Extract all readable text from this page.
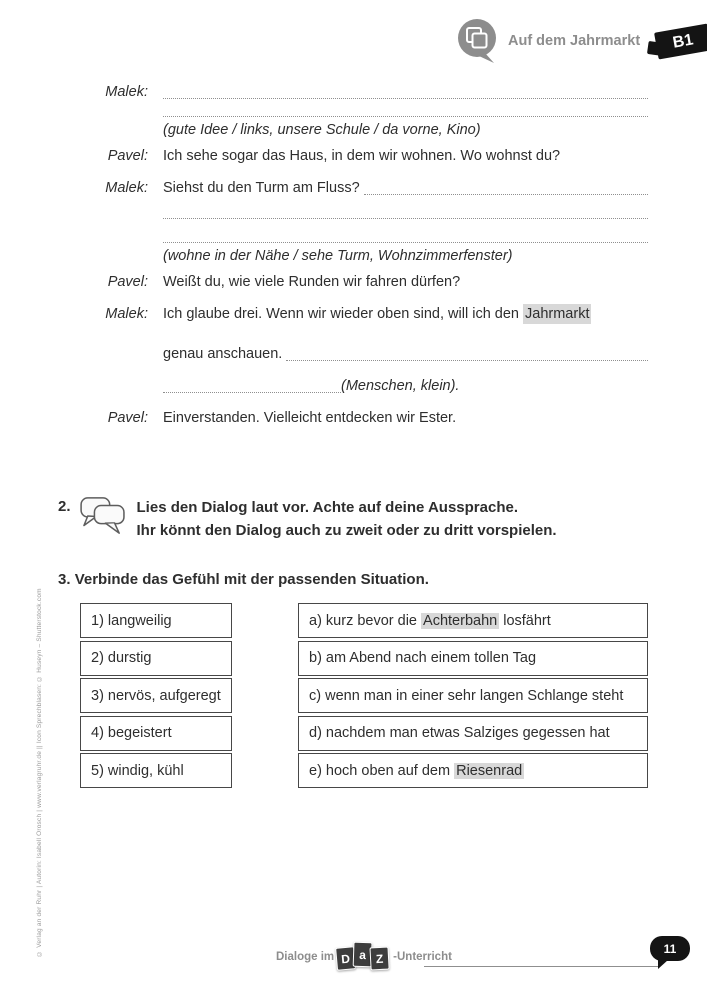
© Verlag an der Ruhr | Autorin: Isabell Orosch | www.verlagruhr.de || Icon Sprechblasen: © Huseyn – Shutterstock.com
Auf dem Jahrmarkt	B1
Malek:
(gute Idee / links, unsere Schule / da vorne, Kino)
Pavel: Ich sehe sogar das Haus, in dem wir wohnen. Wo wohnst du?
Malek: Siehst du den Turm am Fluss?
(wohne in der Nähe / sehe Turm, Wohnzimmerfenster)
Pavel: Weißt du, wie viele Runden wir fahren dürfen?
Malek: Ich glaube drei. Wenn wir wieder oben sind, will ich den Jahrmarkt
genau anschauen.
(Menschen, klein).
Pavel: Einverstanden. Vielleicht entdecken wir Ester.
2.	Lies den Dialog laut vor. Achte auf deine Aussprache.
Ihr könnt den Dialog auch zu zweit oder zu dritt vorspielen.
3. Verbinde das Gefühl mit der passenden Situation.
1) langweilig
2) durstig
3) nervös, aufgeregt
4) begeistert
5) windig, kühl
a) kurz bevor die Achterbahn losfährt
b) am Abend nach einem tollen Tag
c) wenn man in einer sehr langen Schlange steht
d) nachdem man etwas Salziges gegessen hat
e) hoch oben auf dem Riesenrad
Dialoge im D a Z -Unterricht
11
